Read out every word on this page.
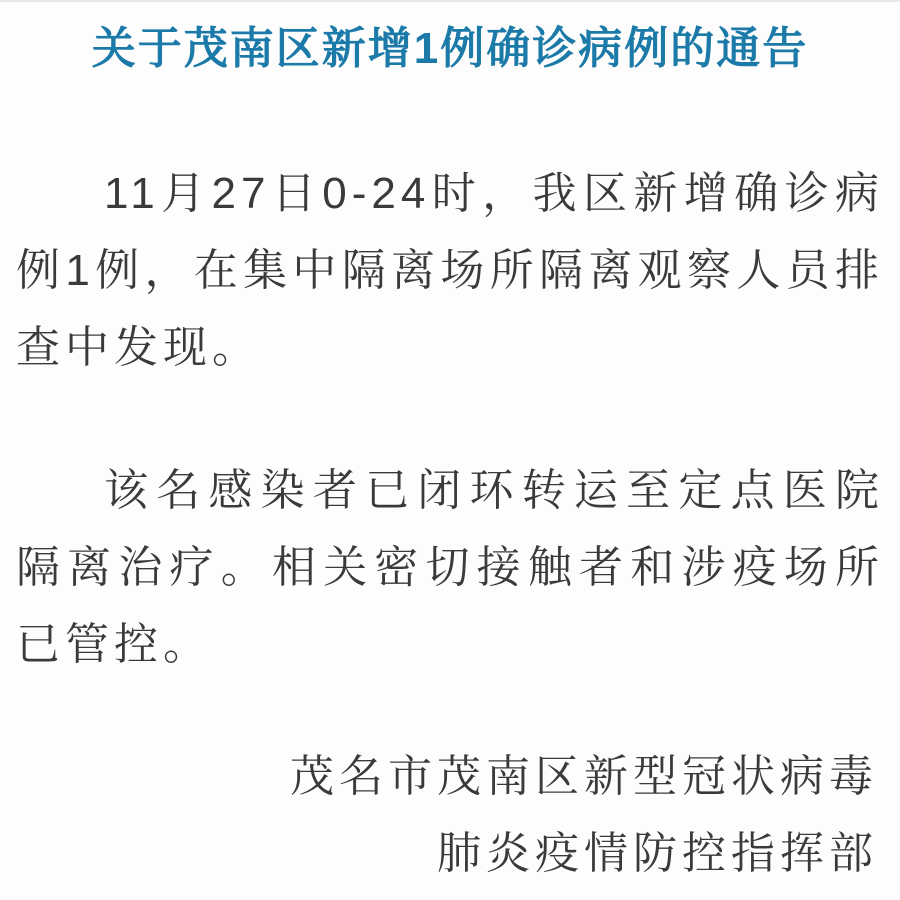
关于茂南区新增1例确诊病例的通告

11月27日0-24时，我区新增确诊病例1例，在集中隔离场所隔离观察人员排查中发现。

该名感染者已闭环转运至定点医院隔离治疗。相关密切接触者和涉疫场所已管控。

茂名市茂南区新型冠状病毒
肺炎疫情防控指挥部
